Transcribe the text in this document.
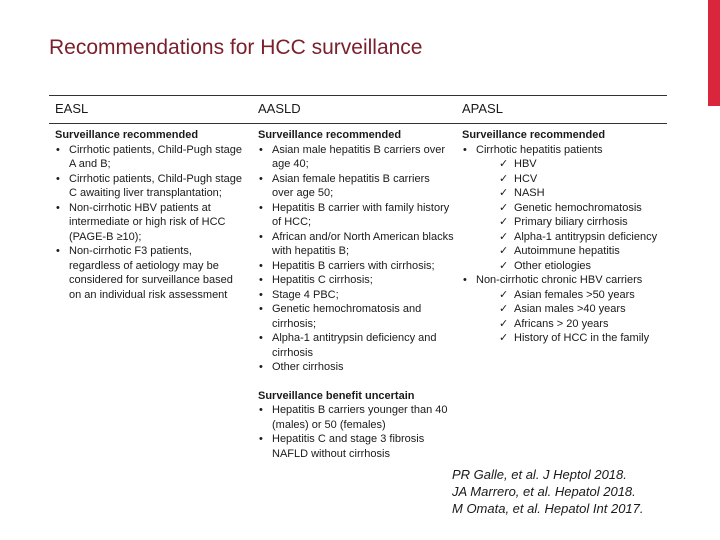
Recommendations for HCC surveillance
EASL	AASLD	APASL
Surveillance recommended
• Cirrhotic patients, Child-Pugh stage A and B;
• Cirrhotic patients, Child-Pugh stage C awaiting liver transplantation;
• Non-cirrhotic HBV patients at intermediate or high risk of HCC (PAGE-B ≥10);
• Non-cirrhotic F3 patients, regardless of aetiology may be considered for surveillance based on an individual risk assessment
Surveillance recommended
• Asian male hepatitis B carriers over age 40;
• Asian female hepatitis B carriers over age 50;
• Hepatitis B carrier with family history of HCC;
• African and/or North American blacks with hepatitis B;
• Hepatitis B carriers with cirrhosis;
• Hepatitis C cirrhosis;
• Stage 4 PBC;
• Genetic hemochromatosis and cirrhosis;
• Alpha-1 antitrypsin deficiency and cirrhosis
• Other cirrhosis
Surveillance benefit uncertain
• Hepatitis B carriers younger than 40 (males) or 50 (females)
• Hepatitis C and stage 3 fibrosis NAFLD without cirrhosis
Surveillance recommended
• Cirrhotic hepatitis patients
✓ HBV
✓ HCV
✓ NASH
✓ Genetic hemochromatosis
✓ Primary biliary cirrhosis
✓ Alpha-1 antitrypsin deficiency
✓ Autoimmune hepatitis
✓ Other etiologies
• Non-cirrhotic chronic HBV carriers
✓ Asian females >50 years
✓ Asian males >40 years
✓ Africans > 20 years
✓ History of HCC in the family
PR Galle, et al. J Heptol 2018.
JA Marrero, et al. Hepatol 2018.
M Omata, et al. Hepatol Int 2017.
